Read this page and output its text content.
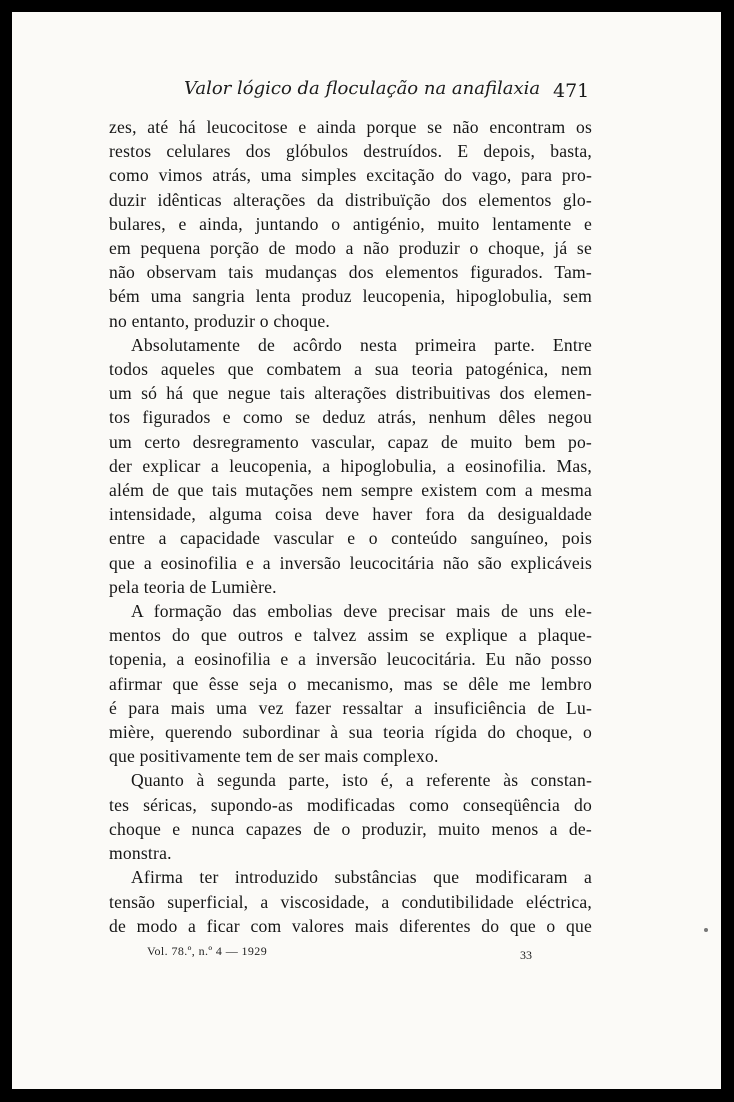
Valor lógico da floculação na anafilaxia 471
zes, até há leucocitose e ainda porque se não encontram os
restos celulares dos glóbulos destruídos. E depois, basta,
como vimos atrás, uma simples excitação do vago, para pro-
duzir idênticas alterações da distribuïção dos elementos glo-
bulares, e ainda, juntando o antigénio, muito lentamente e
em pequena porção de modo a não produzir o choque, já se
não observam tais mudanças dos elementos figurados. Tam-
bém uma sangria lenta produz leucopenia, hipoglobulia, sem
no entanto, produzir o choque.
Absolutamente de acôrdo nesta primeira parte. Entre
todos aqueles que combatem a sua teoria patogénica, nem
um só há que negue tais alterações distribuitivas dos elemen-
tos figurados e como se deduz atrás, nenhum dêles negou
um certo desregramento vascular, capaz de muito bem po-
der explicar a leucopenia, a hipoglobulia, a eosinofilia. Mas,
além de que tais mutações nem sempre existem com a mesma
intensidade, alguma coisa deve haver fora da desigualdade
entre a capacidade vascular e o conteúdo sanguíneo, pois
que a eosinofilia e a inversão leucocitária não são explicáveis
pela teoria de Lumière.
A formação das embolias deve precisar mais de uns ele-
mentos do que outros e talvez assim se explique a plaque-
topenia, a eosinofilia e a inversão leucocitária. Eu não posso
afirmar que êsse seja o mecanismo, mas se dêle me lembro
é para mais uma vez fazer ressaltar a insuficiência de Lu-
mière, querendo subordinar à sua teoria rígida do choque, o
que positivamente tem de ser mais complexo.
Quanto à segunda parte, isto é, a referente às constan-
tes séricas, supondo-as modificadas como conseqüência do
choque e nunca capazes de o produzir, muito menos a de-
monstra.
Afirma ter introduzido substâncias que modificaram a
tensão superficial, a viscosidade, a condutibilidade eléctrica,
de modo a ficar com valores mais diferentes do que o que
Vol. 78.º, n.º 4 — 1929	33
